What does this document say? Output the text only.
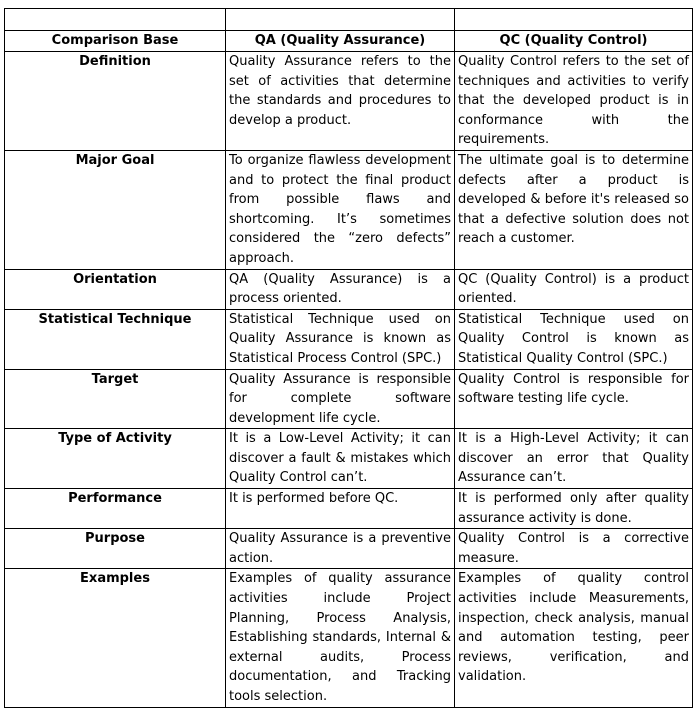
Comparison Base	QA (Quality Assurance)	QC (Quality Control)
Definition	Quality Assurance refers to the set of activities that determine the standards and procedures to develop a product.	Quality Control refers to the set of techniques and activities to verify that the developed product is in conformance with the requirements.
Major Goal	To organize flawless development and to protect the final product from possible flaws and shortcoming. It’s sometimes considered the “zero defects” approach.	The ultimate goal is to determine defects after a product is developed & before it's released so that a defective solution does not reach a customer.
Orientation	QA (Quality Assurance) is a process oriented.	QC (Quality Control) is a product oriented.
Statistical Technique	Statistical Technique used on Quality Assurance is known as Statistical Process Control (SPC.)	Statistical Technique used on Quality Control is known as Statistical Quality Control (SPC.)
Target	Quality Assurance is responsible for complete software development life cycle.	Quality Control is responsible for software testing life cycle.
Type of Activity	It is a Low-Level Activity; it can discover a fault & mistakes which Quality Control can’t.	It is a High-Level Activity; it can discover an error that Quality Assurance can’t.
Performance	It is performed before QC.	It is performed only after quality assurance activity is done.
Purpose	Quality Assurance is a preventive action.	Quality Control is a corrective measure.
Examples	Examples of quality assurance activities include Project Planning, Process Analysis, Establishing standards, Internal & external audits, Process documentation, and Tracking tools selection.	Examples of quality control activities include Measurements, inspection, check analysis, manual and automation testing, peer reviews, verification, and validation.
